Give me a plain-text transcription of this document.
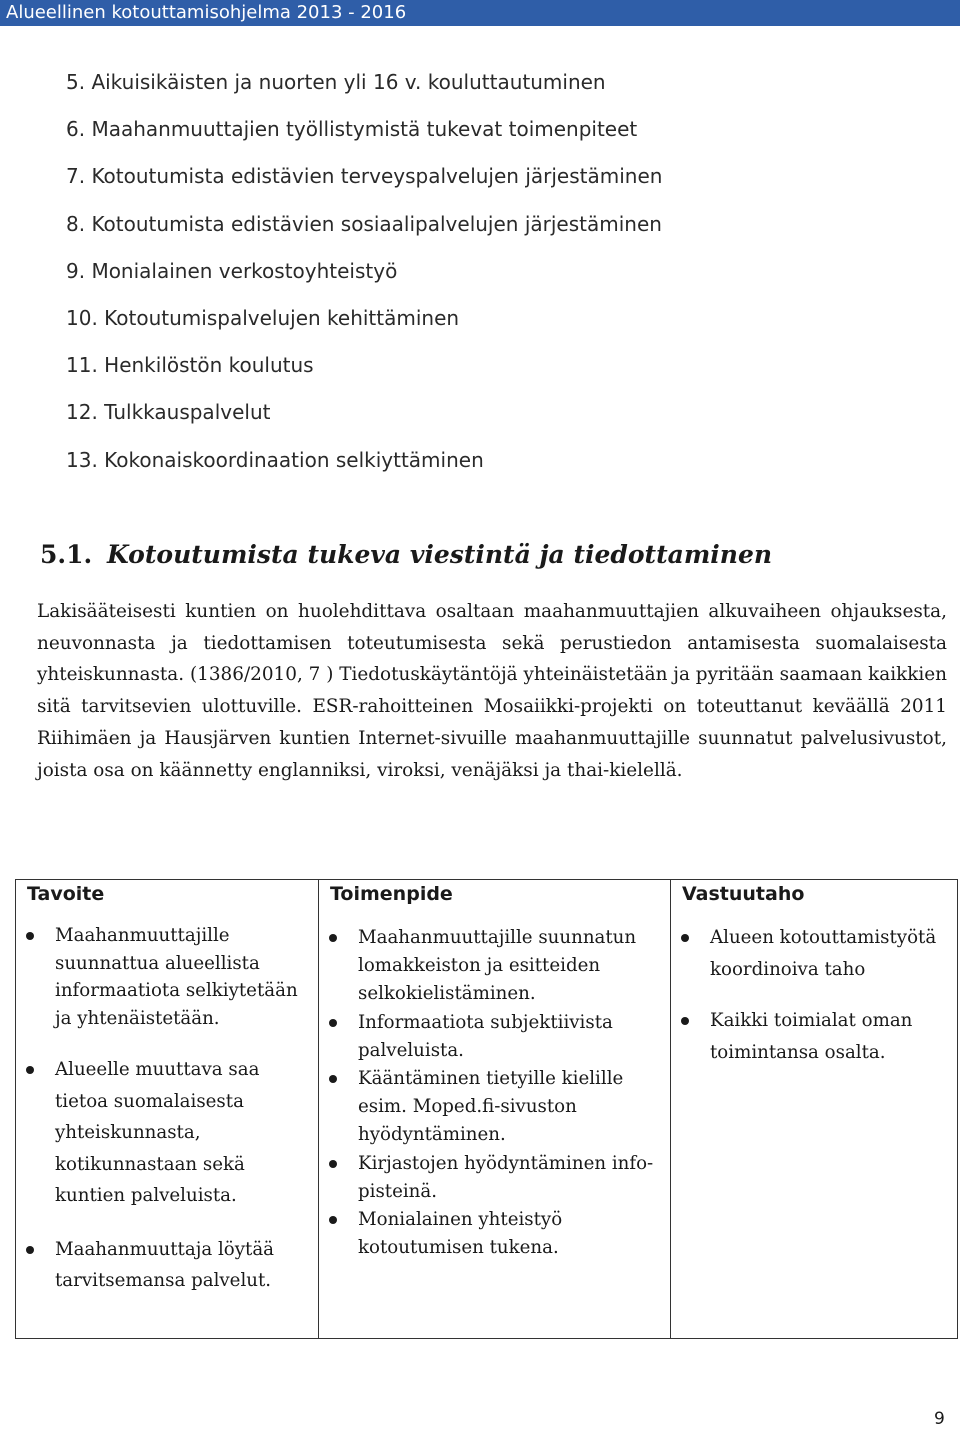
Alueellinen kotouttamisohjelma 2013 - 2016
5. Aikuisikäisten ja nuorten yli 16 v. kouluttautuminen
6. Maahanmuuttajien työllistymistä tukevat toimenpiteet
7. Kotoutumista edistävien terveyspalvelujen järjestäminen
8. Kotoutumista edistävien sosiaalipalvelujen järjestäminen
9. Monialainen verkostoyhteistyö
10. Kotoutumispalvelujen kehittäminen
11. Henkilöstön koulutus
12. Tulkkauspalvelut
13. Kokonaiskoordinaation selkiyttäminen
5.1. Kotoutumista tukeva viestintä ja tiedottaminen

Lakisääteisesti kuntien on huolehdittava osaltaan maahanmuuttajien alkuvaiheen ohjauksesta, neuvonnasta ja tiedottamisen toteutumisesta sekä perustiedon antamisesta suomalaisesta yhteiskunnasta. (1386/2010, 7 ) Tiedotuskäytäntöjä yhteinäistetään ja pyritään saamaan kaikkien sitä tarvitsevien ulottuville. ESR-rahoitteinen Mosaiikki-projekti on toteuttanut keväällä 2011 Riihimäen ja Hausjärven kuntien Internet-sivuille maahanmuuttajille suunnatut palvelusivustot, joista osa on käännetty englanniksi, viroksi, venäjäksi ja thai-kielellä.

Tavoite	Toimenpide	Vastuutaho
Maahanmuuttajille suunnattua alueellista informaatiota selkiytetään ja yhtenäistetään.
Alueelle muuttava saa tietoa suomalaisesta yhteiskunnasta, kotikunnastaan sekä kuntien palveluista.
Maahanmuuttaja löytää tarvitsemansa palvelut.
Maahanmuuttajille suunnatun lomakkeiston ja esitteiden selkokielistäminen.
Informaatiota subjektiivista palveluista.
Kääntäminen tietyille kielille esim. Moped.fi-sivuston hyödyntäminen.
Kirjastojen hyödyntäminen info-pisteinä.
Monialainen yhteistyö kotoutumisen tukena.
Alueen kotouttamistyötä koordinoiva taho
Kaikki toimialat oman toimintansa osalta.
9
